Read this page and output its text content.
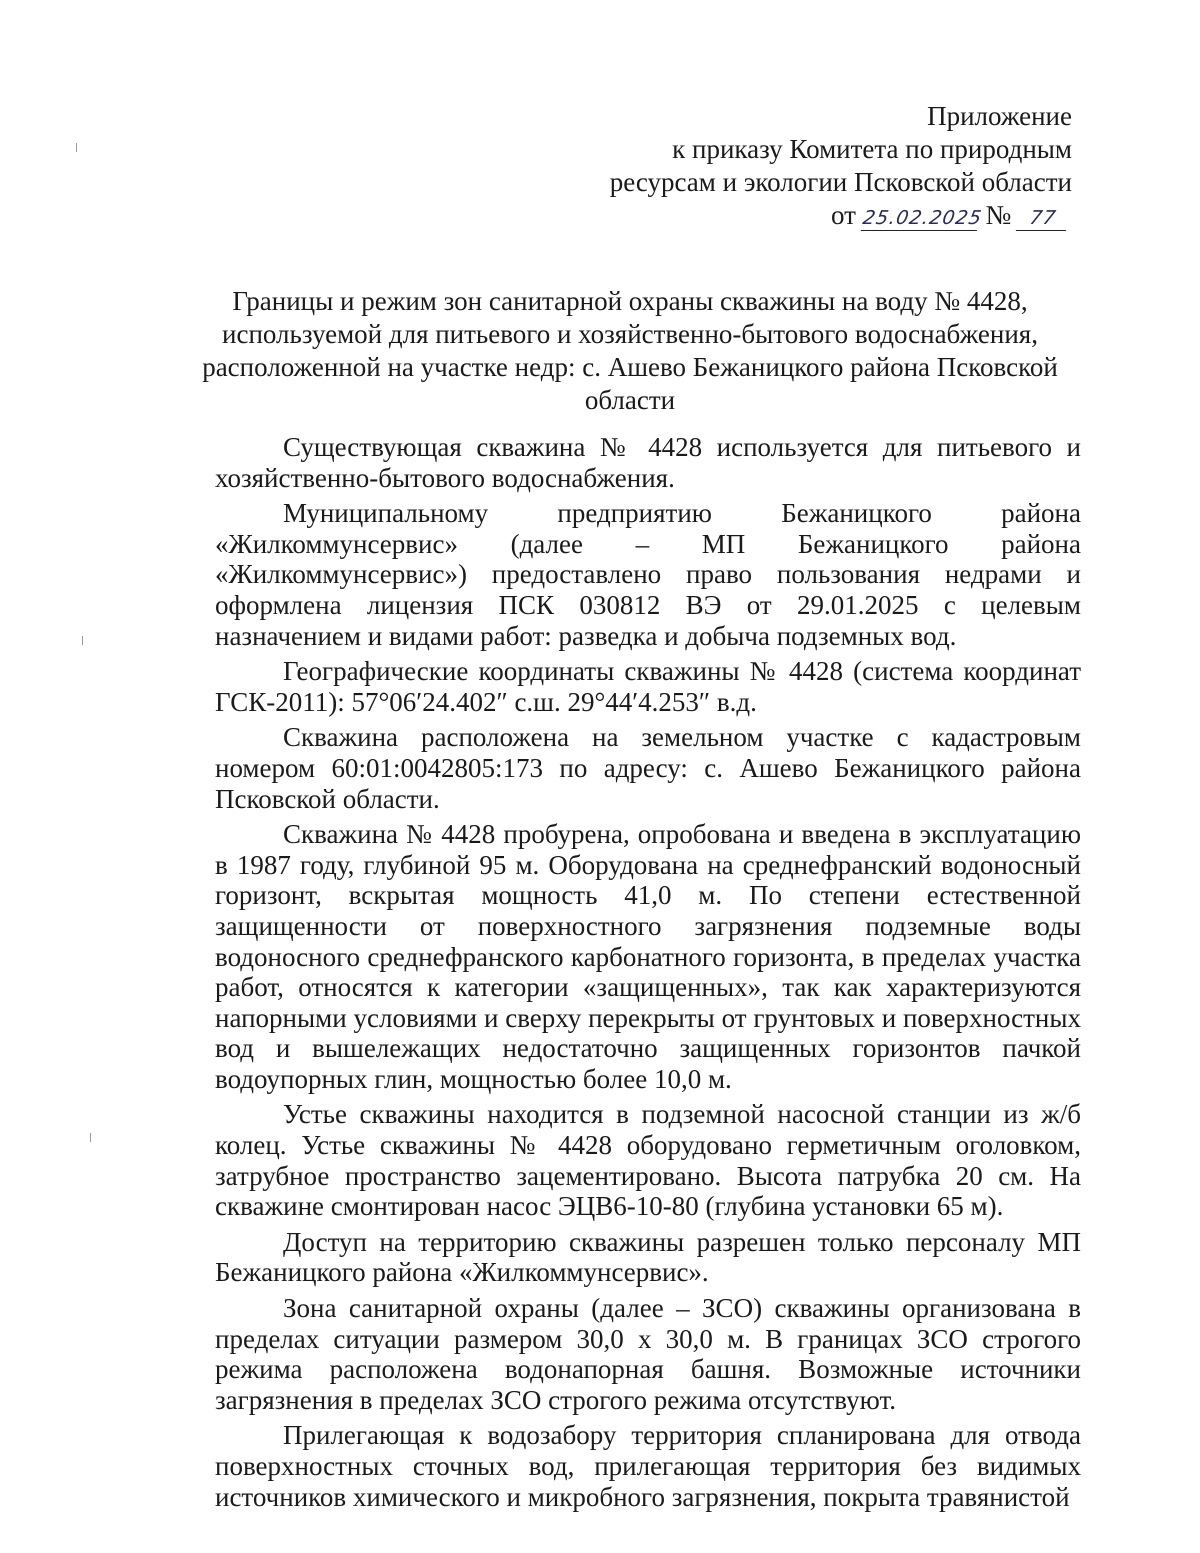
Приложение
к приказу Комитета по природным
ресурсам и экологии Псковской области
от 25.02.2025 № 77
Границы и режим зон санитарной охраны скважины на воду № 4428,
используемой для питьевого и хозяйственно-бытового водоснабжения,
расположенной на участке недр: с. Ашево Бежаницкого района Псковской
области

Существующая скважина № 4428 используется для питьевого и хозяйственно-бытового водоснабжения.

Муниципальному предприятию Бежаницкого района «Жилкоммунсервис» (далее – МП Бежаницкого района «Жилкоммунсервис») предоставлено право пользования недрами и оформлена лицензия ПСК 030812 ВЭ от 29.01.2025 с целевым назначением и видами работ: разведка и добыча подземных вод.

Географические координаты скважины № 4428 (система координат ГСК-2011): 57°06′24.402″ с.ш. 29°44′4.253″ в.д.

Скважина расположена на земельном участке с кадастровым номером 60:01:0042805:173 по адресу: с. Ашево Бежаницкого района Псковской области.

Скважина № 4428 пробурена, опробована и введена в эксплуатацию в 1987 году, глубиной 95 м. Оборудована на среднефранский водоносный горизонт, вскрытая мощность 41,0 м. По степени естественной защищенности от поверхностного загрязнения подземные воды водоносного среднефранского карбонатного горизонта, в пределах участка работ, относятся к категории «защищенных», так как характеризуются напорными условиями и сверху перекрыты от грунтовых и поверхностных вод и вышележащих недостаточно защищенных горизонтов пачкой водоупорных глин, мощностью более 10,0 м.

Устье скважины находится в подземной насосной станции из ж/б колец. Устье скважины № 4428 оборудовано герметичным оголовком, затрубное пространство зацементировано. Высота патрубка 20 см. На скважине смонтирован насос ЭЦВ6-10-80 (глубина установки 65 м).

Доступ на территорию скважины разрешен только персоналу МП Бежаницкого района «Жилкоммунсервис».

Зона санитарной охраны (далее – ЗСО) скважины организована в пределах ситуации размером 30,0 х 30,0 м. В границах ЗСО строгого режима расположена водонапорная башня. Возможные источники загрязнения в пределах ЗСО строгого режима отсутствуют.

Прилегающая к водозабору территория спланирована для отвода поверхностных сточных вод, прилегающая территория без видимых источников химического и микробного загрязнения, покрыта травянистой
